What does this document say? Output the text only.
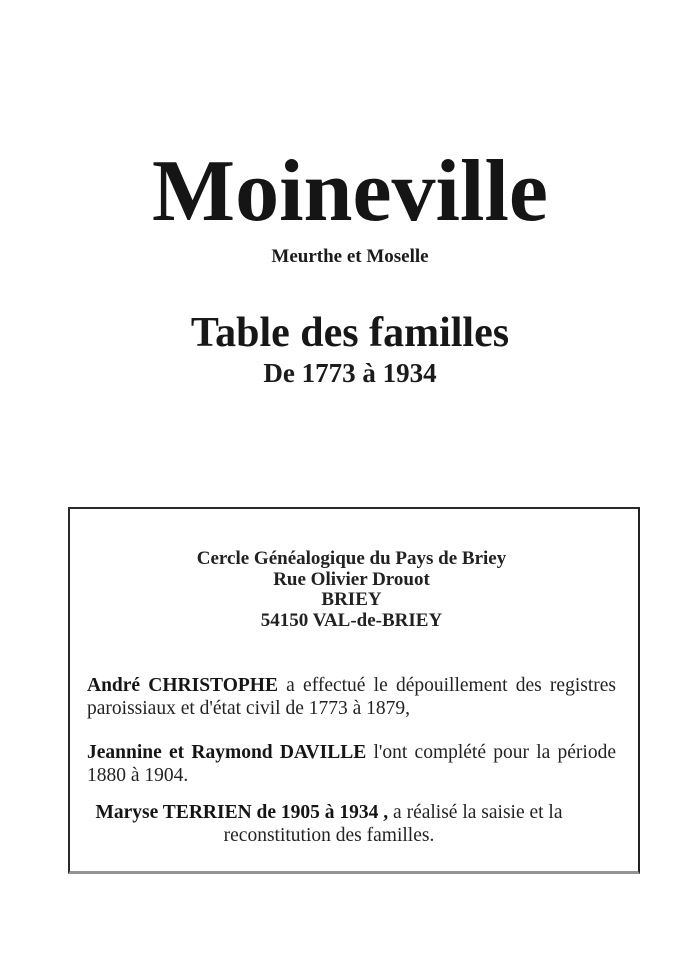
Moineville
Meurthe et Moselle
Table des familles
De 1773 à 1934
Cercle Généalogique du Pays de Briey
Rue Olivier Drouot
BRIEY
54150 VAL-de-BRIEY

André CHRISTOPHE a effectué le dépouillement des registres paroissiaux et d'état civil de 1773 à 1879,

Jeannine et Raymond DAVILLE l'ont complété pour la période 1880 à 1904.

Maryse TERRIEN de 1905 à 1934 , a réalisé la saisie et la reconstitution des familles.
